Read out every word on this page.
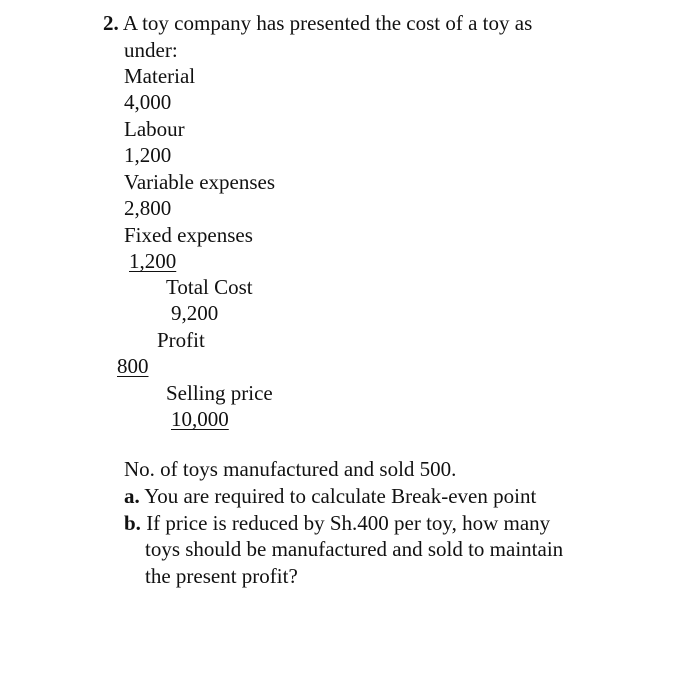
2. A toy company has presented the cost of a toy as
under:
Material
4,000
Labour
1,200
Variable expenses
2,800
Fixed expenses
1,200
Total Cost
9,200
Profit
800
Selling price
10,000
No. of toys manufactured and sold 500.
a. You are required to calculate Break-even point
b. If price is reduced by Sh.400 per toy, how many
toys should be manufactured and sold to maintain
the present profit?
